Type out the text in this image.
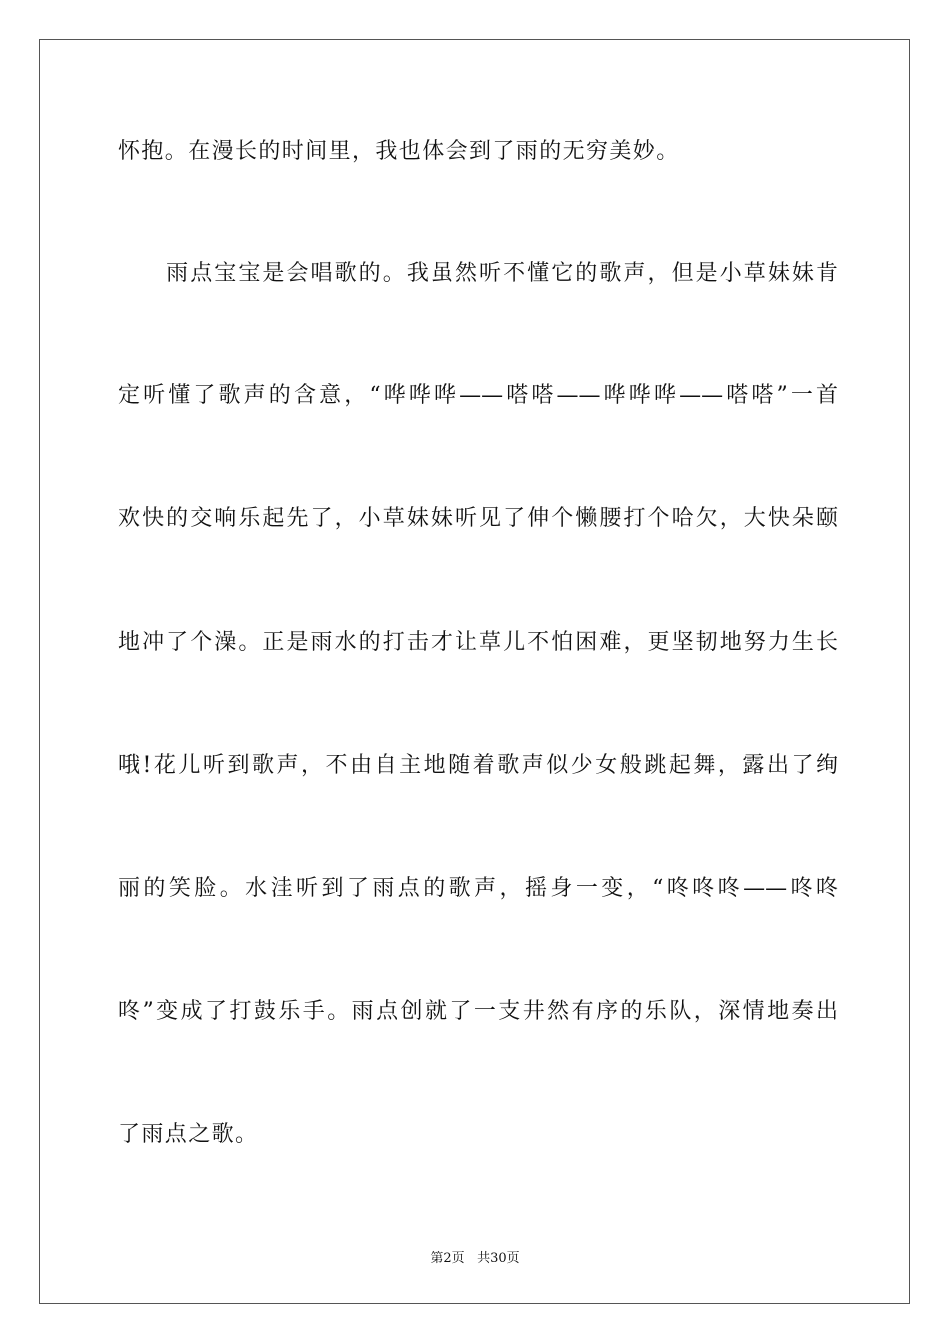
怀抱。在漫长的时间里，我也体会到了雨的无穷美妙。

　　雨点宝宝是会唱歌的。我虽然听不懂它的歌声，但是小草妹妹肯

定听懂了歌声的含意，“哗哗哗——嗒嗒——哗哗哗——嗒嗒”一首

欢快的交响乐起先了，小草妹妹听见了伸个懒腰打个哈欠，大快朵颐

地冲了个澡。正是雨水的打击才让草儿不怕困难，更坚韧地努力生长

哦!花儿听到歌声，不由自主地随着歌声似少女般跳起舞，露出了绚

丽的笑脸。水洼听到了雨点的歌声，摇身一变，“咚咚咚——咚咚

咚”变成了打鼓乐手。雨点创就了一支井然有序的乐队，深情地奏出

了雨点之歌。

第2页 共30页
